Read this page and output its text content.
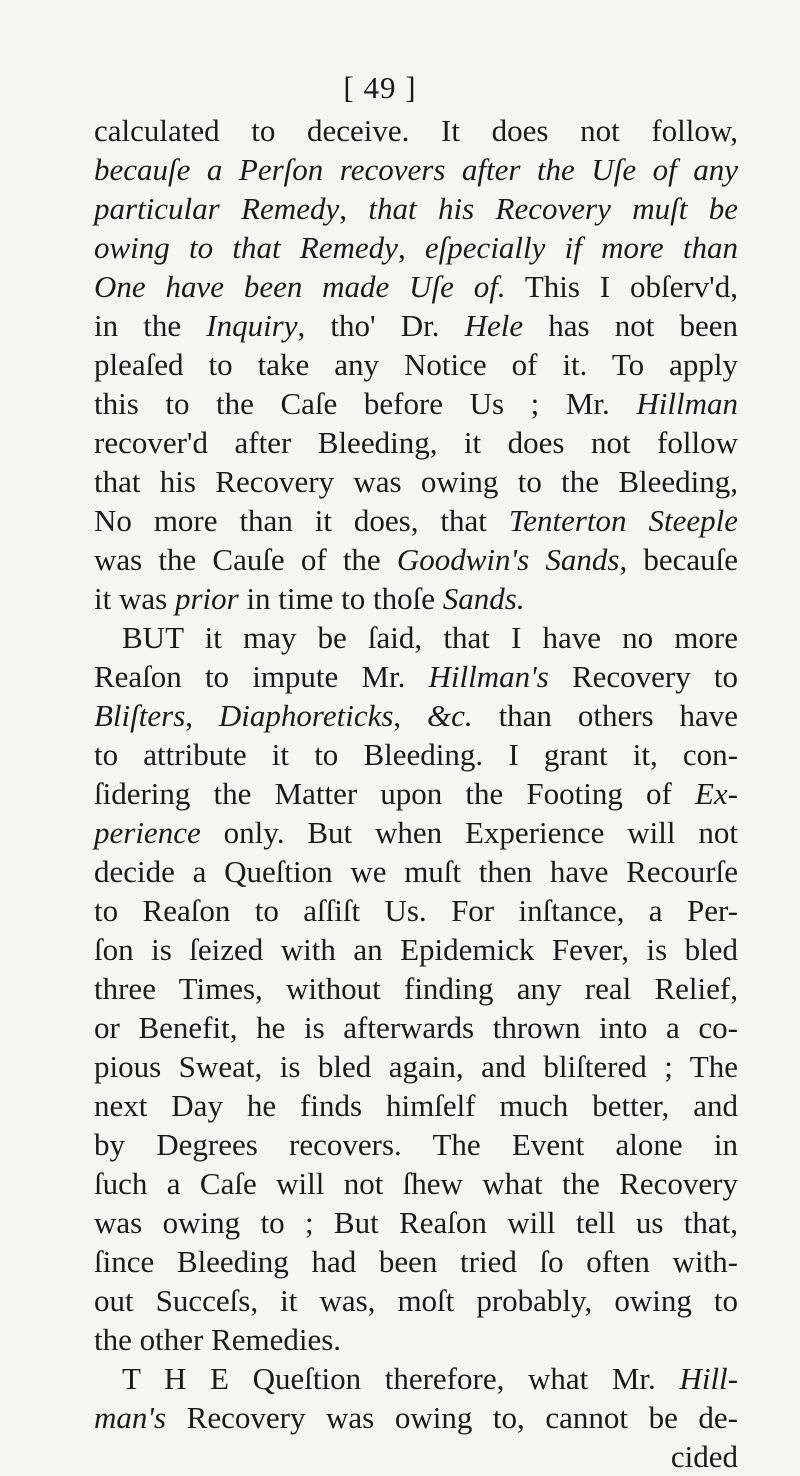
[ 49 ]
calculated to deceive. It does not follow,
becauſe a Perſon recovers after the Uſe of any
particular Remedy, that his Recovery muſt be
owing to that Remedy, eſpecially if more than
One have been made Uſe of. This I obſerv'd,
in the Inquiry, tho' Dr. Hele has not been
pleaſed to take any Notice of it. To apply
this to the Caſe before Us ; Mr. Hillman
recover'd after Bleeding, it does not follow
that his Recovery was owing to the Bleeding,
No more than it does, that Tenterton Steeple
was the Cauſe of the Goodwin's Sands, becauſe
it was prior in time to thoſe Sands.
BUT it may be ſaid, that I have no more
Reaſon to impute Mr. Hillman's Recovery to
Bliſters, Diaphoreticks, &c. than others have
to attribute it to Bleeding. I grant it, con-
ſidering the Matter upon the Footing of Ex-
perience only. But when Experience will not
decide a Queſtion we muſt then have Recourſe
to Reaſon to aſſiſt Us. For inſtance, a Per-
ſon is ſeized with an Epidemick Fever, is bled
three Times, without finding any real Relief,
or Benefit, he is afterwards thrown into a co-
pious Sweat, is bled again, and bliſtered ; The
next Day he finds himſelf much better, and
by Degrees recovers. The Event alone in
ſuch a Caſe will not ſhew what the Recovery
was owing to ; But Reaſon will tell us that,
ſince Bleeding had been tried ſo often with-
out Succeſs, it was, moſt probably, owing to
the other Remedies.
T H E Queſtion therefore, what Mr. Hill-
man's Recovery was owing to, cannot be de-
cided
